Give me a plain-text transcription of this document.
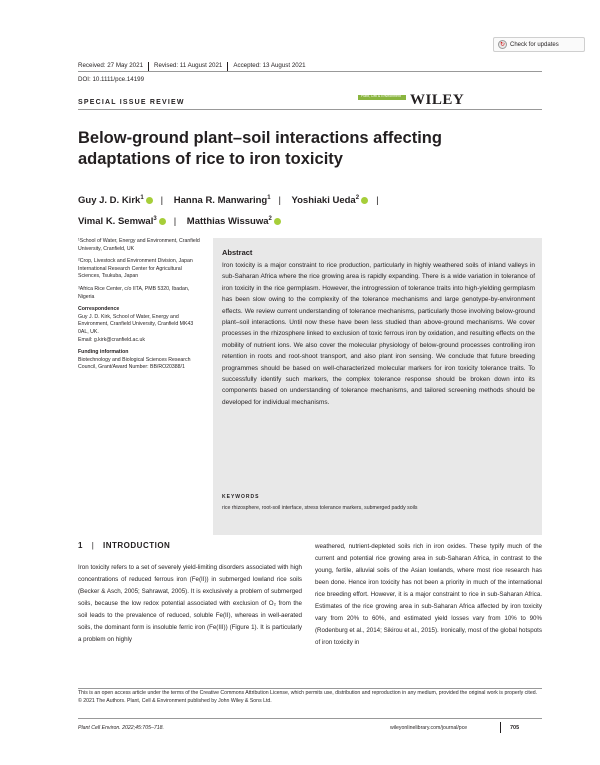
↻ Check for updates
Received: 27 May 2021 Revised: 11 August 2021 Accepted: 13 August 2021
DOI: 10.1111/pce.14199
SPECIAL ISSUE REVIEW
Plant, Cell & Environment WILEY
Below-ground plant–soil interactions affecting adaptations of rice to iron toxicity
Guy J. D. Kirk$^1$ | Hanna R. Manwaring$^1$ | Yoshiaki Ueda$^2$ |
Vimal K. Semwal$^3$ | Matthias Wissuwa$^2$

¹School of Water, Energy and Environment, Cranfield University, Cranfield, UK

²Crop, Livestock and Environment Division, Japan International Research Center for Agricultural Sciences, Tsukuba, Japan

³Africa Rice Center, c/o IITA, PMB 5320, Ibadan, Nigeria

Correspondence

Guy J. D. Kirk, School of Water, Energy and Environment, Cranfield University, Cranfield MK43 0AL, UK.

Email: g.kirk@cranfield.ac.uk

Funding information

Biotechnology and Biological Sciences Research Council, Grant/Award Number: BB/RO20388/1

Abstract
Iron toxicity is a major constraint to rice production, particularly in highly weathered soils of inland valleys in sub-Saharan Africa where the rice growing area is rapidly expanding. There is a wide variation in tolerance of iron toxicity in the rice germplasm. However, the introgression of tolerance traits into high-yielding germplasm has been slow owing to the complexity of the tolerance mechanisms and large genotype-by-environment effects. We review current understanding of tolerance mechanisms, particularly those involving below-ground plant–soil interactions. Until now these have been less studied than above-ground mechanisms. We cover processes in the rhizosphere linked to exclusion of toxic ferrous iron by oxidation, and resulting effects on the mobility of nutrient ions. We also cover the molecular physiology of below-ground processes controlling iron retention in roots and root-shoot transport, and also plant iron sensing. We conclude that future breeding programmes should be based on well-characterized molecular markers for iron toxicity tolerance traits. To successfully identify such markers, the complex tolerance response should be broken down into its components based on understanding of tolerance mechanisms, and tailored screening methods should be developed for individual mechanisms.
KEYWORDS
rice rhizosphere, root-soil interface, stress tolerance markers, submerged paddy soils
1 | INTRODUCTION
Iron toxicity refers to a set of severely yield-limiting disorders associated with high concentrations of reduced ferrous iron (Fe(II)) in submerged lowland rice soils (Becker & Asch, 2005; Sahrawat, 2005). It is exclusively a problem of submerged soils, because the low redox potential associated with exclusion of O₂ from the soil leads to the prevalence of reduced, soluble Fe(II), whereas in well-aerated soils, the dominant form is insoluble ferric iron (Fe(III)) (Figure 1). It is particularly a problem on highly
weathered, nutrient-depleted soils rich in iron oxides. These typify much of the current and potential rice growing area in sub-Saharan Africa, in contrast to the young, fertile, alluvial soils of the Asian lowlands, where most rice research has been done. Hence iron toxicity has not been a priority in much of the international rice breeding effort. However, it is a major constraint to rice in sub-Saharan Africa. Estimates of the rice growing area in sub-Saharan Africa affected by iron toxicity vary from 20% to 60%, and estimated yield losses vary from 10% to 90% (Rodenburg et al., 2014; Sikirou et al., 2015). Ironically, most of the global hotspots of iron toxicity in
This is an open access article under the terms of the Creative Commons Attribution License, which permits use, distribution and reproduction in any medium, provided the original work is properly cited.
© 2021 The Authors. Plant, Cell & Environment published by John Wiley & Sons Ltd.
Plant Cell Environ. 2022;45:705–718.	wileyonlinelibrary.com/journal/pce	705
